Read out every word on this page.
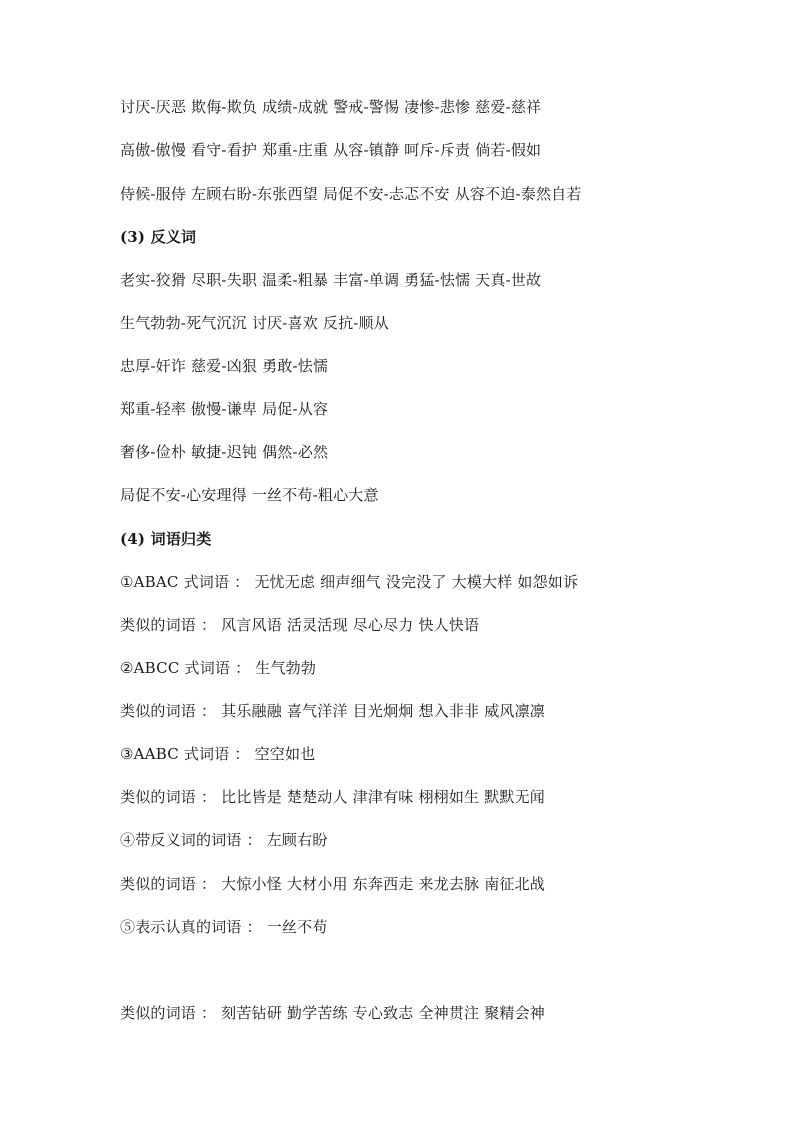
讨厌-厌恶 欺侮-欺负 成绩-成就 警戒-警惕 凄惨-悲惨 慈爱-慈祥
高傲-傲慢 看守-看护 郑重-庄重 从容-镇静 呵斥-斥责 倘若-假如
侍候-服侍 左顾右盼-东张西望 局促不安-忐忑不安 从容不迫-泰然自若
(3) 反义词
老实-狡猾 尽职-失职 温柔-粗暴 丰富-单调 勇猛-怯懦 天真-世故
生气勃勃-死气沉沉 讨厌-喜欢 反抗-顺从
忠厚-奸诈 慈爱-凶狠 勇敢-怯懦
郑重-轻率 傲慢-谦卑 局促-从容
奢侈-俭朴 敏捷-迟钝 偶然-必然
局促不安-心安理得 一丝不苟-粗心大意
(4) 词语归类
①ABAC 式词语 ： 无忧无虑 细声细气 没完没了 大模大样 如怨如诉
类似的词语 ： 风言风语 活灵活现 尽心尽力 快人快语
②ABCC 式词语 ： 生气勃勃
类似的词语 ： 其乐融融 喜气洋洋 目光炯炯 想入非非 威风凛凛
③AABC 式词语 ： 空空如也
类似的词语 ： 比比皆是 楚楚动人 津津有味 栩栩如生 默默无闻
④带反义词的词语 ： 左顾右盼
类似的词语 ： 大惊小怪 大材小用 东奔西走 来龙去脉 南征北战
⑤表示认真的词语 ： 一丝不苟
类似的词语 ： 刻苦钻研 勤学苦练 专心致志 全神贯注 聚精会神
